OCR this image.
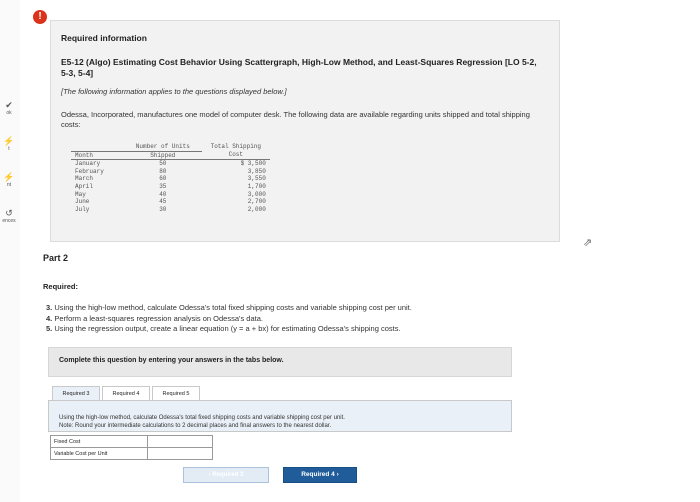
✔
ok
⚡
t
⚡
nt
↺
ences
!
Required information
E5-12 (Algo) Estimating Cost Behavior Using Scattergraph, High-Low Method, and Least-Squares Regression [LO 5-2, 5-3, 5-4]
[The following information applies to the questions displayed below.]
Odessa, Incorporated, manufactures one model of computer desk. The following data are available regarding units shipped and total shipping costs:
	Number of Units	Total Shipping
Month	Shipped	Cost
January	50	$ 3,500
February	80	3,850
March	60	3,550
April	35	1,700
May	40	3,000
June	45	2,700
July	30	2,000
⇗
Part 2
Required:
3. Using the high-low method, calculate Odessa's total fixed shipping costs and variable shipping cost per unit.
4. Perform a least-squares regression analysis on Odessa's data.
5. Using the regression output, create a linear equation (y = a + bx) for estimating Odessa's shipping costs.
Complete this question by entering your answers in the tabs below.
Required 3	Required 4	Required 5
Using the high-low method, calculate Odessa's total fixed shipping costs and variable shipping cost per unit.
Note: Round your intermediate calculations to 2 decimal places and final answers to the nearest dollar.
Fixed Cost	
Variable Cost per Unit	
‹ Required 3	Required 4 ›
